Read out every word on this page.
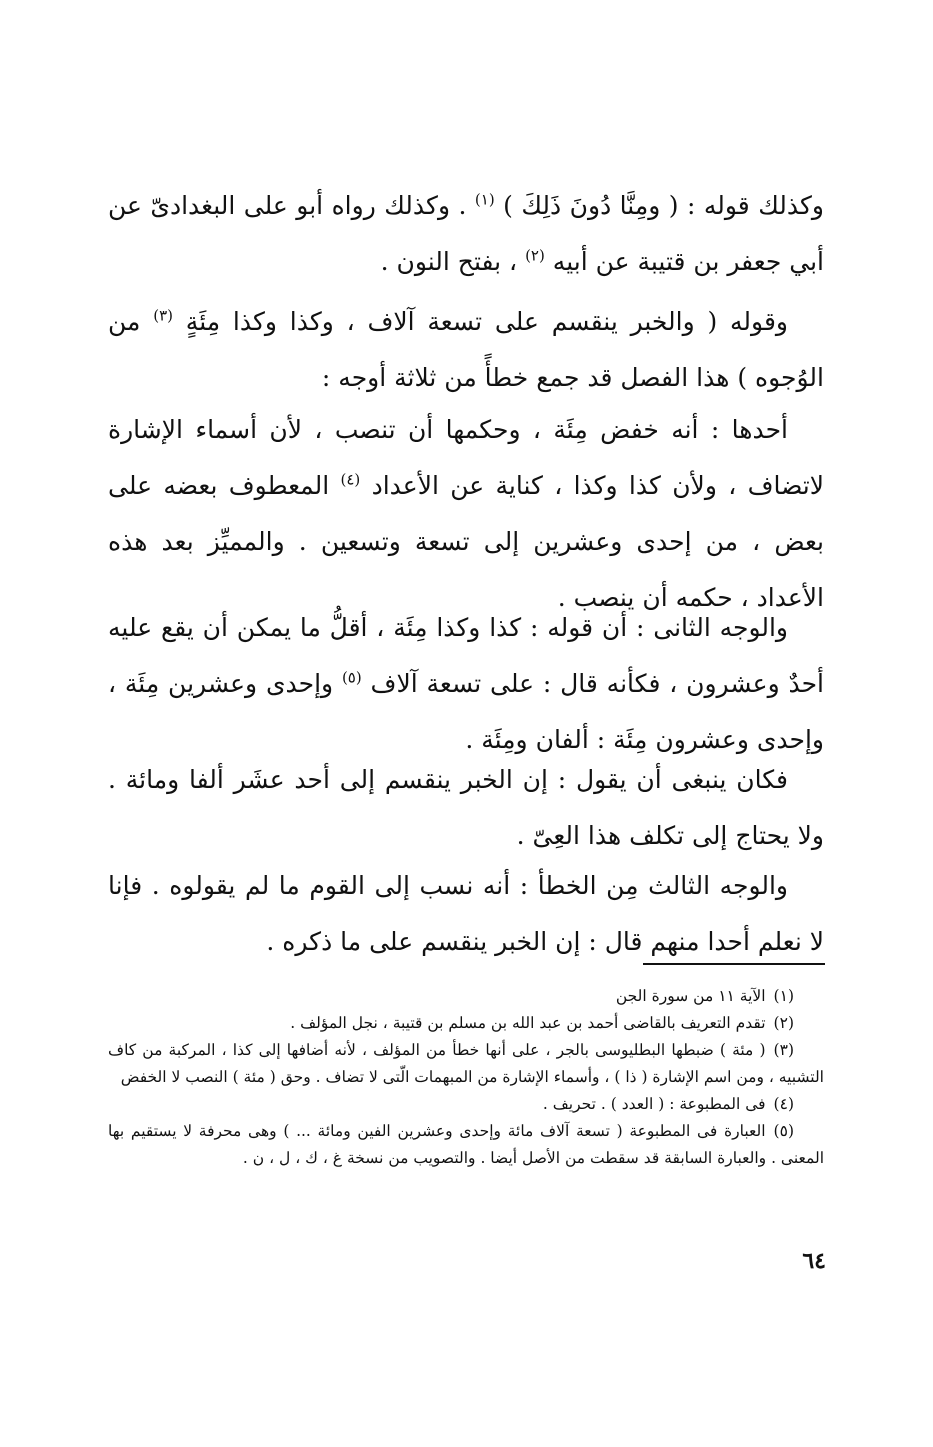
وكذلك قوله : ( ومِنَّا دُونَ ذَلِكَ ) $^{(١)}$ . وكذلك رواه أبو على البغدادىّ عن أبي جعفر بن قتيبة عن أبيه $^{(٢)}$ ، بفتح النون .

وقوله ( والخبر ينقسم على تسعة آلاف ، وكذا وكذا مِئَةٍ $^{(٣)}$ من الوُجوه ) هذا الفصل قد جمع خطأً من ثلاثة أوجه :

أحدها : أنه خفض مِئَة ، وحكمها أن تنصب ، لأن أسماء الإشارة لاتضاف ، ولأن كذا وكذا ، كناية عن الأعداد $^{(٤)}$ المعطوف بعضه على بعض ، من إحدى وعشرين إلى تسعة وتسعين . والمميِّز بعد هذه الأعداد ، حكمه أن ينصب .

والوجه الثانى : أن قوله : كذا وكذا مِئَة ، أقلُّ ما يمكن أن يقع عليه أحدٌ وعشرون ، فكأنه قال : على تسعة آلاف $^{(٥)}$ وإحدى وعشرين مِئَة ، وإحدى وعشرون مِئَة : ألفان ومِئَة .

فكان ينبغى أن يقول : إن الخبر ينقسم إلى أحد عشَر ألفا ومائة . ولا يحتاج إلى تكلف هذا العِىّ .

والوجه الثالث مِن الخطأ : أنه نسب إلى القوم ما لم يقولوه . فإنا لا نعلم أحدا منهم قال : إن الخبر ينقسم على ما ذكره .

(١)الآية ١١ من سورة الجن
(٢)تقدم التعريف بالقاضى أحمد بن عبد الله بن مسلم بن قتيبة ، نجل المؤلف .
(٣)( مئة ) ضبطها البطليوسى بالجر ، على أنها خطأ من المؤلف ، لأنه أضافها إلى كذا ، المركبة من كاف التشبيه ، ومن اسم الإشارة ( ذا ) ، وأسماء الإشارة من المبهمات الّتى لا تضاف . وحق ( مئة ) النصب لا الخفض
(٤)فى المطبوعة : ( العدد ) . تحريف .
(٥)العبارة فى المطبوعة ( تسعة آلاف مائة وإحدى وعشرين الفين ومائة ... ) وهى محرفة لا يستقيم بها المعنى . والعبارة السابقة قد سقطت من الأصل أيضا . والتصويب من نسخة غ ، ك ، ل ، ن .
٦٤
